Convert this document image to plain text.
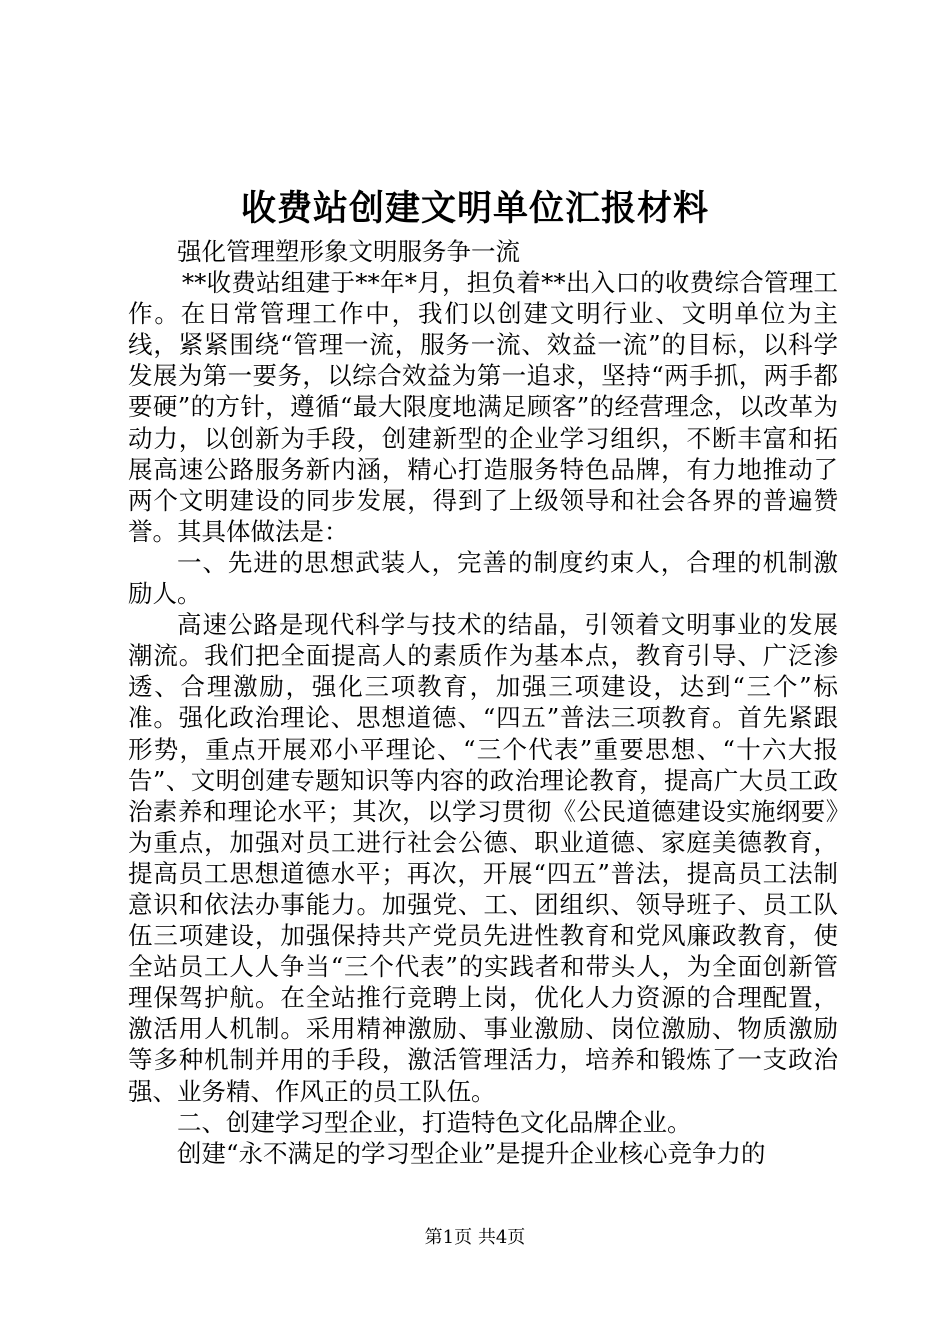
收费站创建文明单位汇报材料

强化管理塑形象文明服务争一流

**收费站组建于**年*月，担负着**出入口的收费综合管理工作。在日常管理工作中，我们以创建文明行业、文明单位为主线，紧紧围绕“管理一流，服务一流、效益一流”的目标，以科学发展为第一要务，以综合效益为第一追求，坚持“两手抓，两手都要硬”的方针，遵循“最大限度地满足顾客”的经营理念，以改革为动力，以创新为手段，创建新型的企业学习组织，不断丰富和拓展高速公路服务新内涵，精心打造服务特色品牌，有力地推动了两个文明建设的同步发展，得到了上级领导和社会各界的普遍赞誉。其具体做法是：

一、先进的思想武装人，完善的制度约束人，合理的机制激励人。

高速公路是现代科学与技术的结晶，引领着文明事业的发展潮流。我们把全面提高人的素质作为基本点，教育引导、广泛渗透、合理激励，强化三项教育，加强三项建设，达到“三个”标准。强化政治理论、思想道德、“四五”普法三项教育。首先紧跟形势，重点开展邓小平理论、“三个代表”重要思想、“十六大报告”、文明创建专题知识等内容的政治理论教育，提高广大员工政治素养和理论水平；其次，以学习贯彻《公民道德建设实施纲要》为重点，加强对员工进行社会公德、职业道德、家庭美德教育，提高员工思想道德水平；再次，开展“四五”普法，提高员工法制意识和依法办事能力。加强党、工、团组织、领导班子、员工队伍三项建设，加强保持共产党员先进性教育和党风廉政教育，使全站员工人人争当“三个代表”的实践者和带头人，为全面创新管理保驾护航。在全站推行竞聘上岗，优化人力资源的合理配置，激活用人机制。采用精神激励、事业激励、岗位激励、物质激励等多种机制并用的手段，激活管理活力，培养和锻炼了一支政治强、业务精、作风正的员工队伍。

二、创建学习型企业，打造特色文化品牌企业。

创建“永不满足的学习型企业”是提升企业核心竞争力的

第1页 共4页
